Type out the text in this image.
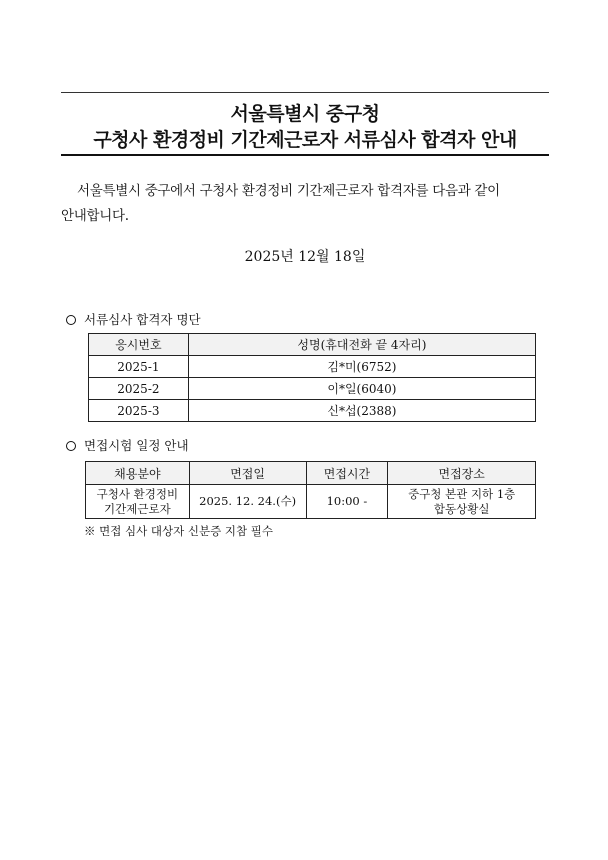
서울특별시 중구청
구청사 환경정비 기간제근로자 서류심사 합격자 안내
서울특별시 중구에서 구청사 환경정비 기간제근로자 합격자를 다음과 같이
안내합니다.
2025년 12월 18일
서류심사 합격자 명단
응시번호	성명(휴대전화 끝 4자리)
2025-1	김*미(6752)
2025-2	이*일(6040)
2025-3	신*섭(2388)
면접시험 일정 안내
채용분야	면접일	면접시간	면접장소
구청사 환경정비
기간제근로자	2025. 12. 24.(수)	10:00 -	중구청 본관 지하 1층
합동상황실
※ 면접 심사 대상자 신분증 지참 필수
